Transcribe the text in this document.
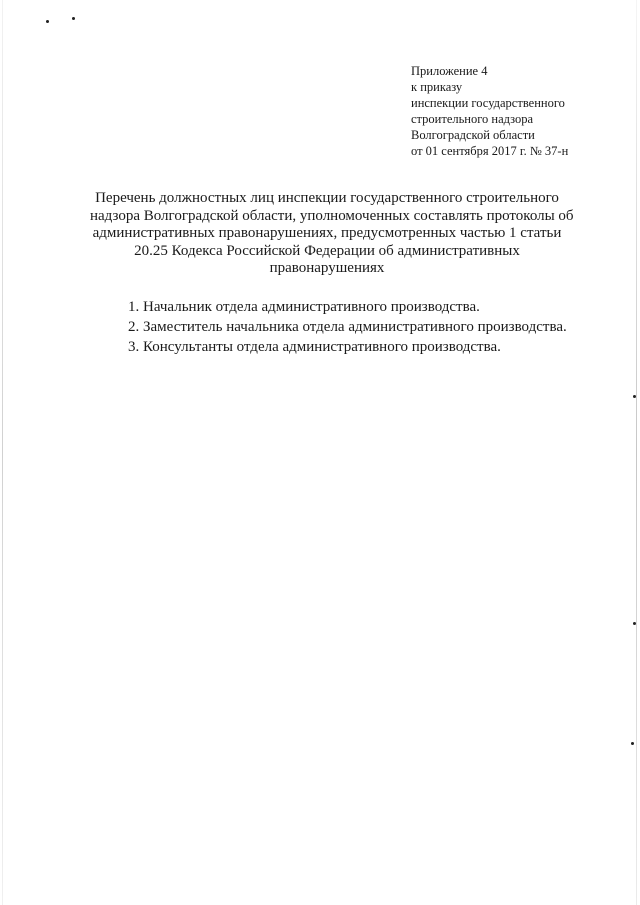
Приложение 4
к приказу
инспекции государственного
строительного надзора
Волгоградской области
от 01 сентября 2017 г. № 37-н
Перечень должностных лиц инспекции государственного строительного
надзора Волгоградской области, уполномоченных составлять протоколы об
административных правонарушениях, предусмотренных частью 1 статьи
20.25 Кодекса Российской Федерации об административных
правонарушениях
1. Начальник отдела административного производства.
2. Заместитель начальника отдела административного производства.
3. Консультанты отдела административного производства.
